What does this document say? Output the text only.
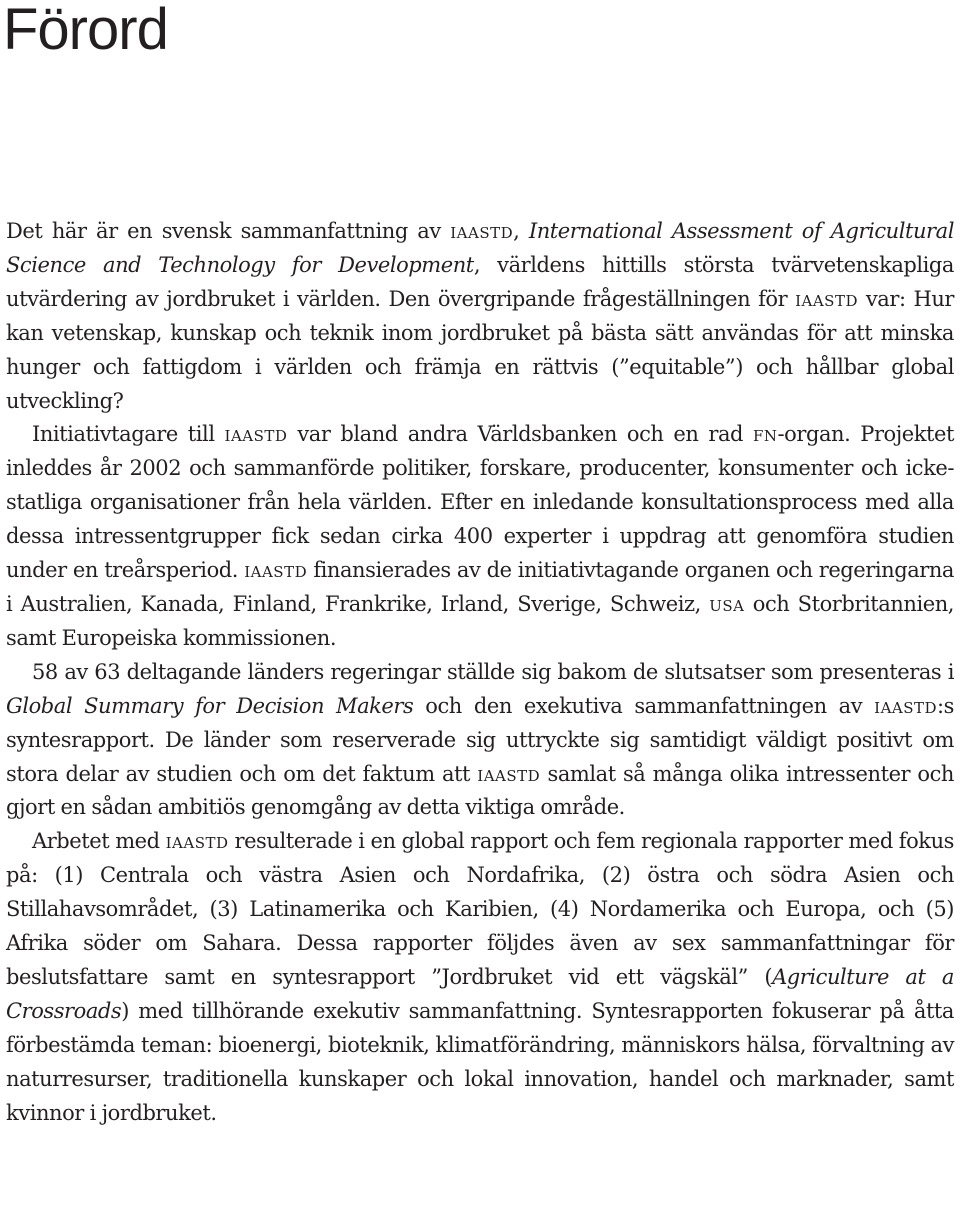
Förord

Det här är en svensk sammanfattning av iaastd, International Assessment of Agricultural Science and Technology for Development, världens hittills största tvärvetenskapliga utvärdering av jordbruket i världen. Den övergripande frågeställningen för iaastd var: Hur kan vetenskap, kunskap och teknik inom jordbruket på bästa sätt användas för att minska hunger och fattigdom i världen och främja en rättvis (”equitable”) och hållbar global utveckling?

Initiativtagare till iaastd var bland andra Världsbanken och en rad fn-organ. Projektet inleddes år 2002 och sammanförde politiker, forskare, producenter, konsumenter och icke-statliga organisationer från hela världen. Efter en inledande konsultationsprocess med alla dessa intressentgrupper fick sedan cirka 400 experter i uppdrag att genomföra studien under en treårsperiod. iaastd finansierades av de initiativtagande organen och regeringarna i Australien, Kanada, Finland, Frankrike, Irland, Sverige, Schweiz, usa och Storbritannien, samt Europeiska kommissionen.

58 av 63 deltagande länders regeringar ställde sig bakom de slutsatser som presenteras i Global Summary for Decision Makers och den exekutiva sammanfattningen av iaastd:s syntesrapport. De länder som reserverade sig uttryckte sig samtidigt väldigt positivt om stora delar av studien och om det faktum att iaastd samlat så många olika intressenter och gjort en sådan ambitiös genomgång av detta viktiga område.

Arbetet med iaastd resulterade i en global rapport och fem regionala rapporter med fokus på: (1) Centrala och västra Asien och Nordafrika, (2) östra och södra Asien och Stillahavsområdet, (3) Latinamerika och Karibien, (4) Nordamerika och Europa, och (5) Afrika söder om Sahara. Dessa rapporter följdes även av sex sammanfattningar för beslutsfattare samt en syntesrapport ”Jordbruket vid ett vägskäl” (Agriculture at a Crossroads) med tillhörande exekutiv sammanfattning. Syntesrapporten fokuserar på åtta förbestämda teman: bioenergi, bioteknik, klimatförändring, människors hälsa, förvaltning av naturresurser, traditionella kunskaper och lokal innovation, handel och marknader, samt kvinnor i jordbruket.
